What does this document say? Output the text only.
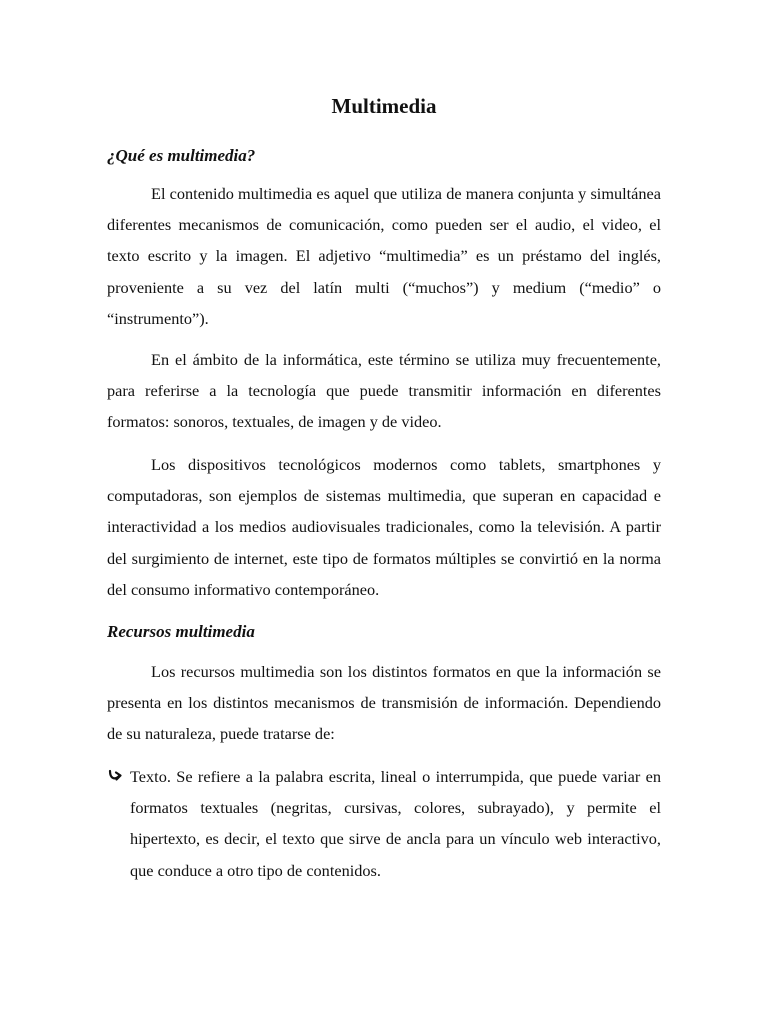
Multimedia
¿Qué es multimedia?

El contenido multimedia es aquel que utiliza de manera conjunta y simultánea diferentes mecanismos de comunicación, como pueden ser el audio, el video, el texto escrito y la imagen. El adjetivo “multimedia” es un préstamo del inglés, proveniente a su vez del latín multi (“muchos”) y medium (“medio” o “instrumento”).

En el ámbito de la informática, este término se utiliza muy frecuentemente, para referirse a la tecnología que puede transmitir información en diferentes formatos: sonoros, textuales, de imagen y de video.

Los dispositivos tecnológicos modernos como tablets, smartphones y computadoras, son ejemplos de sistemas multimedia, que superan en capacidad e interactividad a los medios audiovisuales tradicionales, como la televisión. A partir del surgimiento de internet, este tipo de formatos múltiples se convirtió en la norma del consumo informativo contemporáneo.

Recursos multimedia

Los recursos multimedia son los distintos formatos en que la información se presenta en los distintos mecanismos de transmisión de información. Dependiendo de su naturaleza, puede tratarse de:

Texto. Se refiere a la palabra escrita, lineal o interrumpida, que puede variar en formatos textuales (negritas, cursivas, colores, subrayado), y permite el hipertexto, es decir, el texto que sirve de ancla para un vínculo web interactivo, que conduce a otro tipo de contenidos.
